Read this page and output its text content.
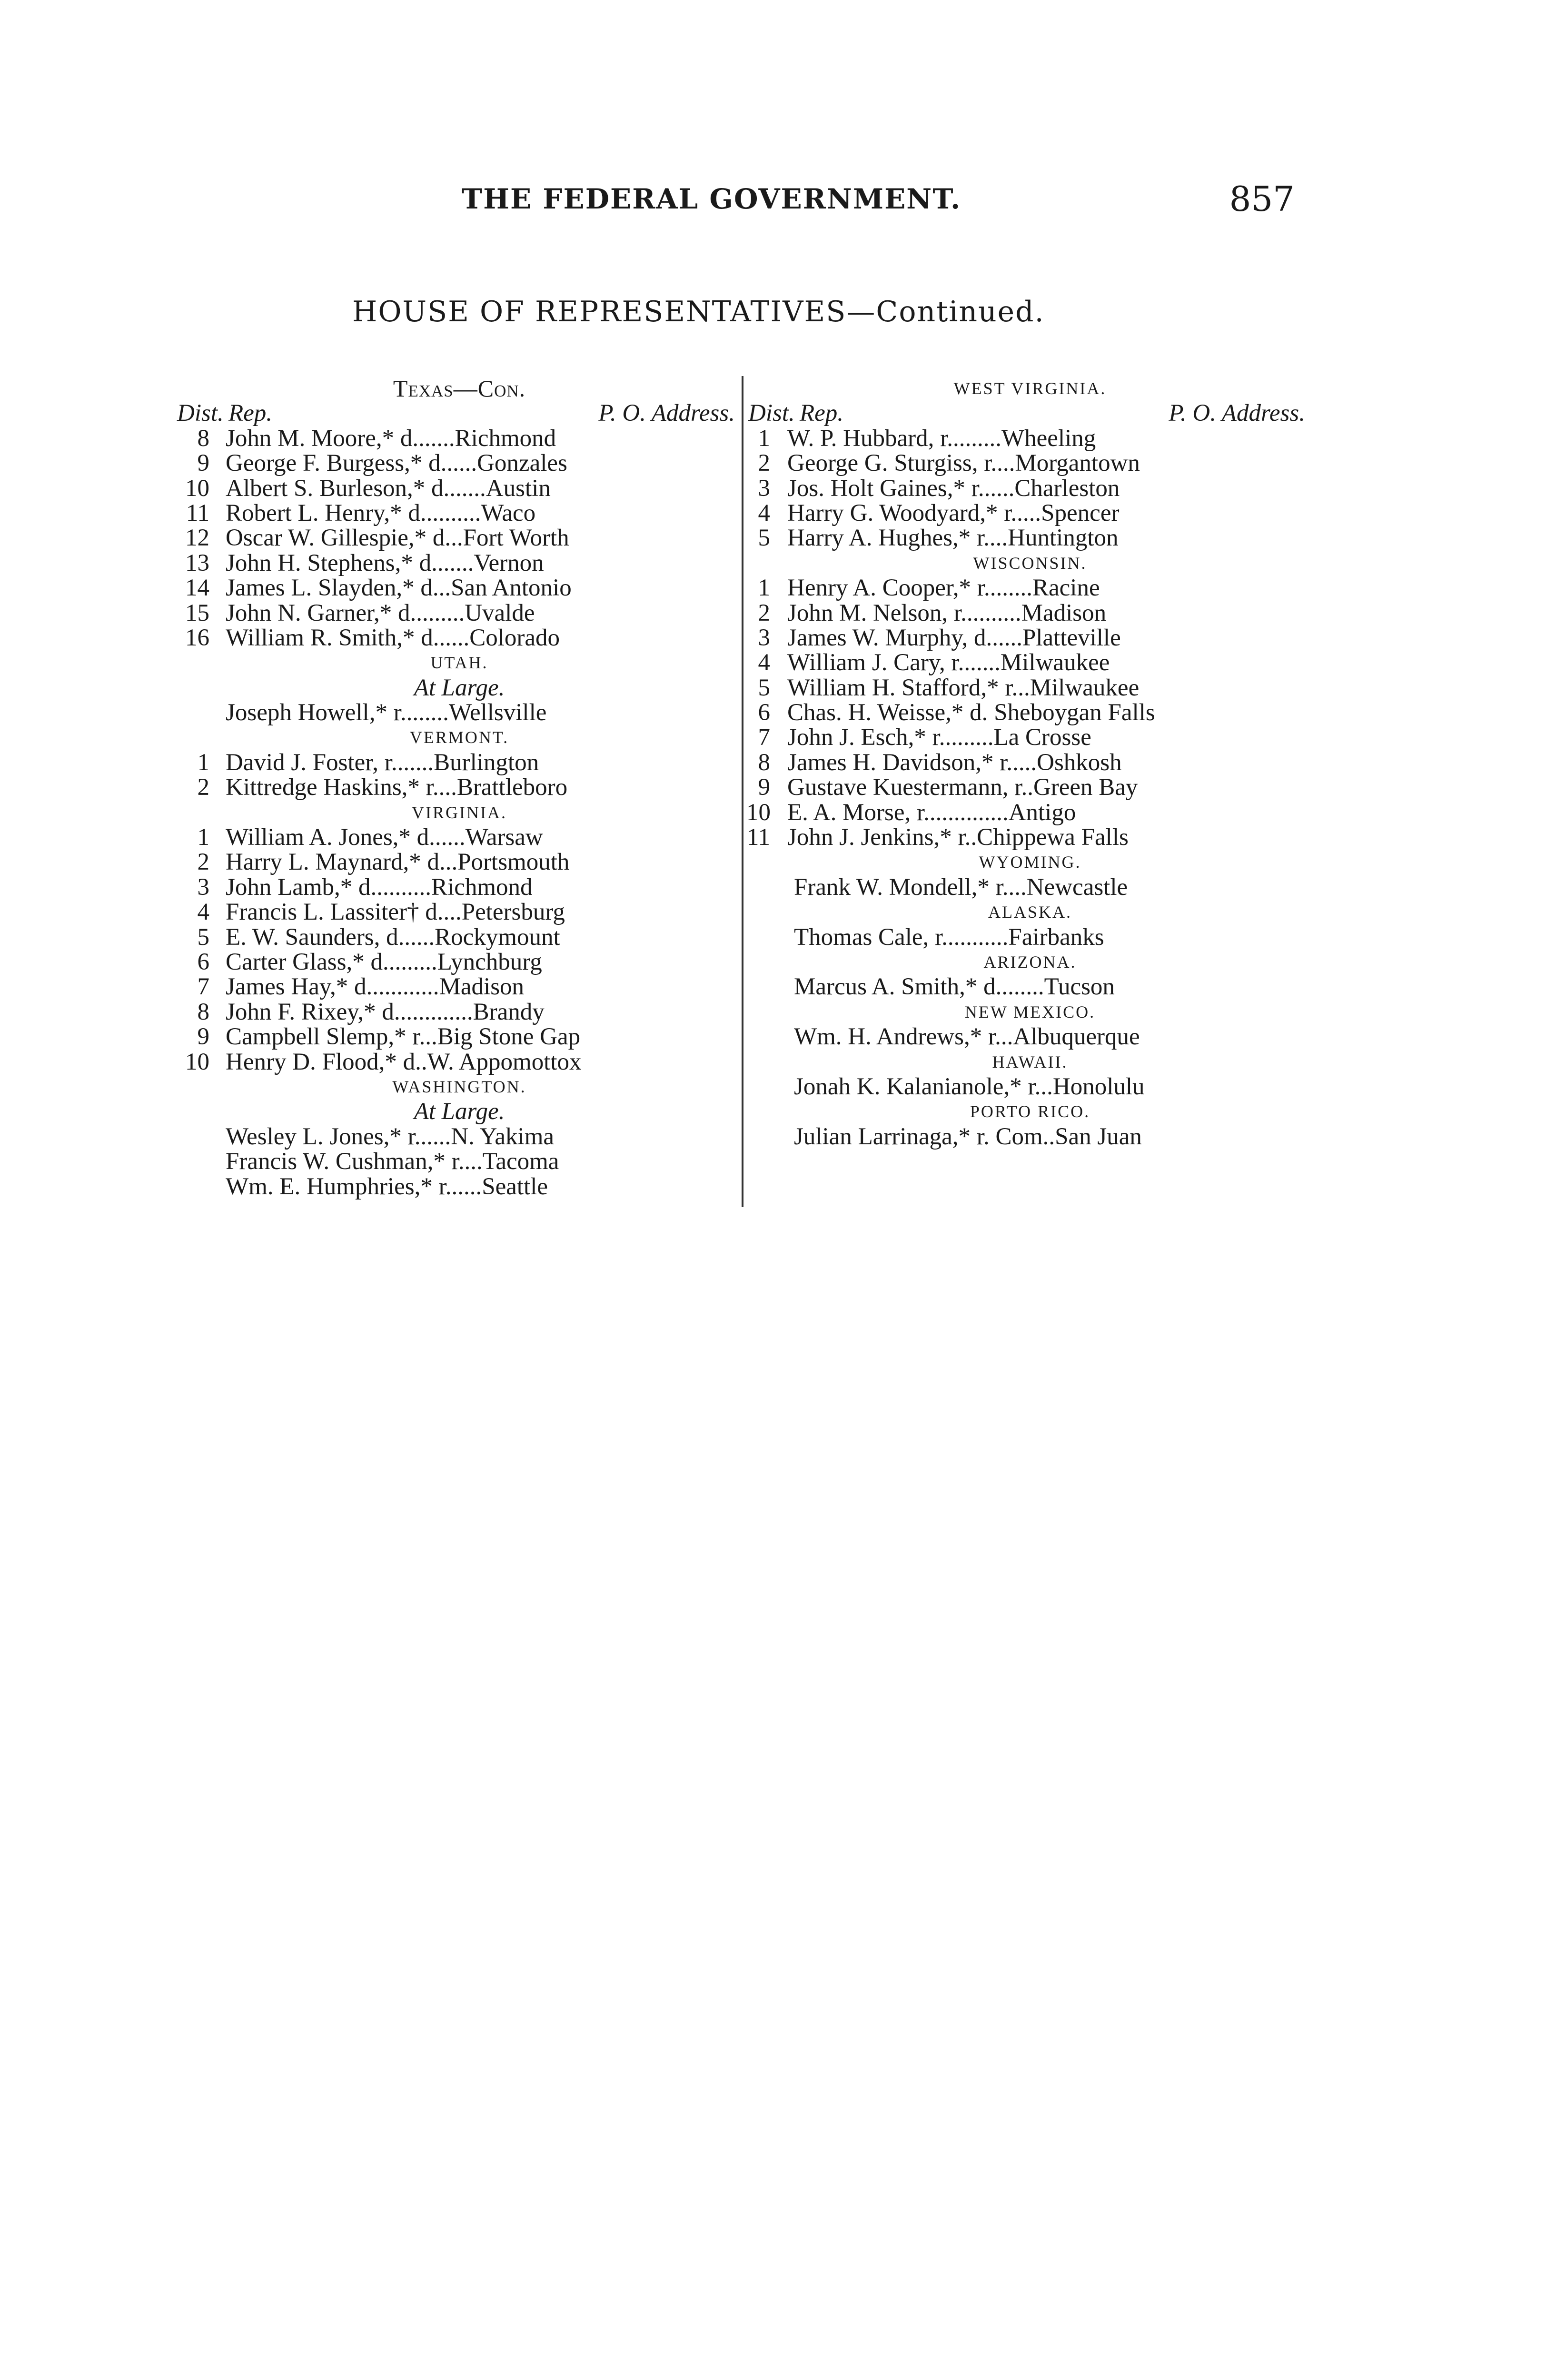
THE FEDERAL GOVERNMENT.	857
HOUSE OF REPRESENTATIVES—Continued.
Texas—Con.
Dist. Rep.	P. O. Address.
8 John M. Moore,* d.......Richmond
9 George F. Burgess,* d......Gonzales
10 Albert S. Burleson,* d.......Austin
11 Robert L. Henry,* d..........Waco
12 Oscar W. Gillespie,* d...Fort Worth
13 John H. Stephens,* d.......Vernon
14 James L. Slayden,* d...San Antonio
15 John N. Garner,* d.........Uvalde
16 William R. Smith,* d......Colorado
UTAH.
At Large.
Joseph Howell,* r........Wellsville
VERMONT.
1 David J. Foster, r.......Burlington
2 Kittredge Haskins,* r....Brattleboro
VIRGINIA.
1 William A. Jones,* d......Warsaw
2 Harry L. Maynard,* d...Portsmouth
3 John Lamb,* d..........Richmond
4 Francis L. Lassiter† d....Petersburg
5 E. W. Saunders, d......Rockymount
6 Carter Glass,* d.........Lynchburg
7 James Hay,* d............Madison
8 John F. Rixey,* d.............Brandy
9 Campbell Slemp,* r...Big Stone Gap
10 Henry D. Flood,* d..W. Appomottox
WASHINGTON.
At Large.
Wesley L. Jones,* r......N. Yakima
Francis W. Cushman,* r....Tacoma
Wm. E. Humphries,* r......Seattle
WEST VIRGINIA.
Dist. Rep.	P. O. Address.
1 W. P. Hubbard, r.........Wheeling
2 George G. Sturgiss, r....Morgantown
3 Jos. Holt Gaines,* r......Charleston
4 Harry G. Woodyard,* r.....Spencer
5 Harry A. Hughes,* r....Huntington
WISCONSIN.
1 Henry A. Cooper,* r........Racine
2 John M. Nelson, r..........Madison
3 James W. Murphy, d......Platteville
4 William J. Cary, r.......Milwaukee
5 William H. Stafford,* r...Milwaukee
6 Chas. H. Weisse,* d. Sheboygan Falls
7 John J. Esch,* r.........La Crosse
8 James H. Davidson,* r.....Oshkosh
9 Gustave Kuestermann, r..Green Bay
10 E. A. Morse, r..............Antigo
11 John J. Jenkins,* r..Chippewa Falls
WYOMING.
Frank W. Mondell,* r....Newcastle
ALASKA.
Thomas Cale, r...........Fairbanks
ARIZONA.
Marcus A. Smith,* d........Tucson
NEW MEXICO.
Wm. H. Andrews,* r...Albuquerque
HAWAII.
Jonah K. Kalanianole,* r...Honolulu
PORTO RICO.
Julian Larrinaga,* r. Com..San Juan
